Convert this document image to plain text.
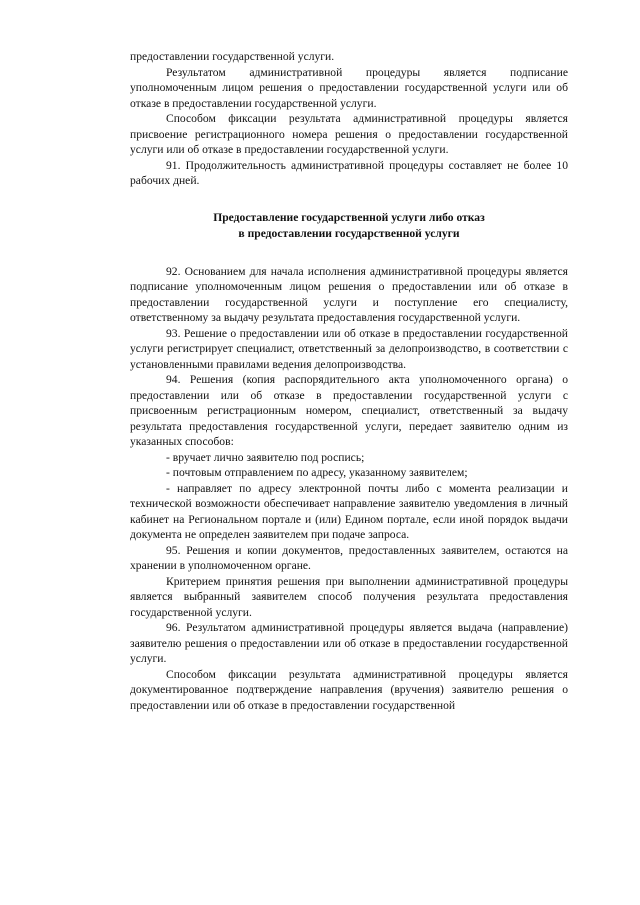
предоставлении государственной услуги.

Результатом административной процедуры является подписание уполномоченным лицом решения о предоставлении государственной услуги или об отказе в предоставлении государственной услуги.

Способом фиксации результата административной процедуры является присвоение регистрационного номера решения о предоставлении государственной услуги или об отказе в предоставлении государственной услуги.

91. Продолжительность административной процедуры составляет не более 10 рабочих дней.

Предоставление государственной услуги либо отказ
в предоставлении государственной услуги

92. Основанием для начала исполнения административной процедуры является подписание уполномоченным лицом решения о предоставлении или об отказе в предоставлении государственной услуги и поступление его специалисту, ответственному за выдачу результата предоставления государственной услуги.

93. Решение о предоставлении или об отказе в предоставлении государственной услуги регистрирует специалист, ответственный за делопроизводство, в соответствии с установленными правилами ведения делопроизводства.

94. Решения (копия распорядительного акта уполномоченного органа) о предоставлении или об отказе в предоставлении государственной услуги с присвоенным регистрационным номером, специалист, ответственный за выдачу результата предоставления государственной услуги, передает заявителю одним из указанных способов:

- вручает лично заявителю под роспись;

- почтовым отправлением по адресу, указанному заявителем;

- направляет по адресу электронной почты либо с момента реализации и технической возможности обеспечивает направление заявителю уведомления в личный кабинет на Региональном портале и (или) Едином портале, если иной порядок выдачи документа не определен заявителем при подаче запроса.

95. Решения и копии документов, предоставленных заявителем, остаются на хранении в уполномоченном органе.

Критерием принятия решения при выполнении административной процедуры является выбранный заявителем способ получения результата предоставления государственной услуги.

96. Результатом административной процедуры является выдача (направление) заявителю решения о предоставлении или об отказе в предоставлении государственной услуги.

Способом фиксации результата административной процедуры является документированное подтверждение направления (вручения) заявителю решения о предоставлении или об отказе в предоставлении государственной
